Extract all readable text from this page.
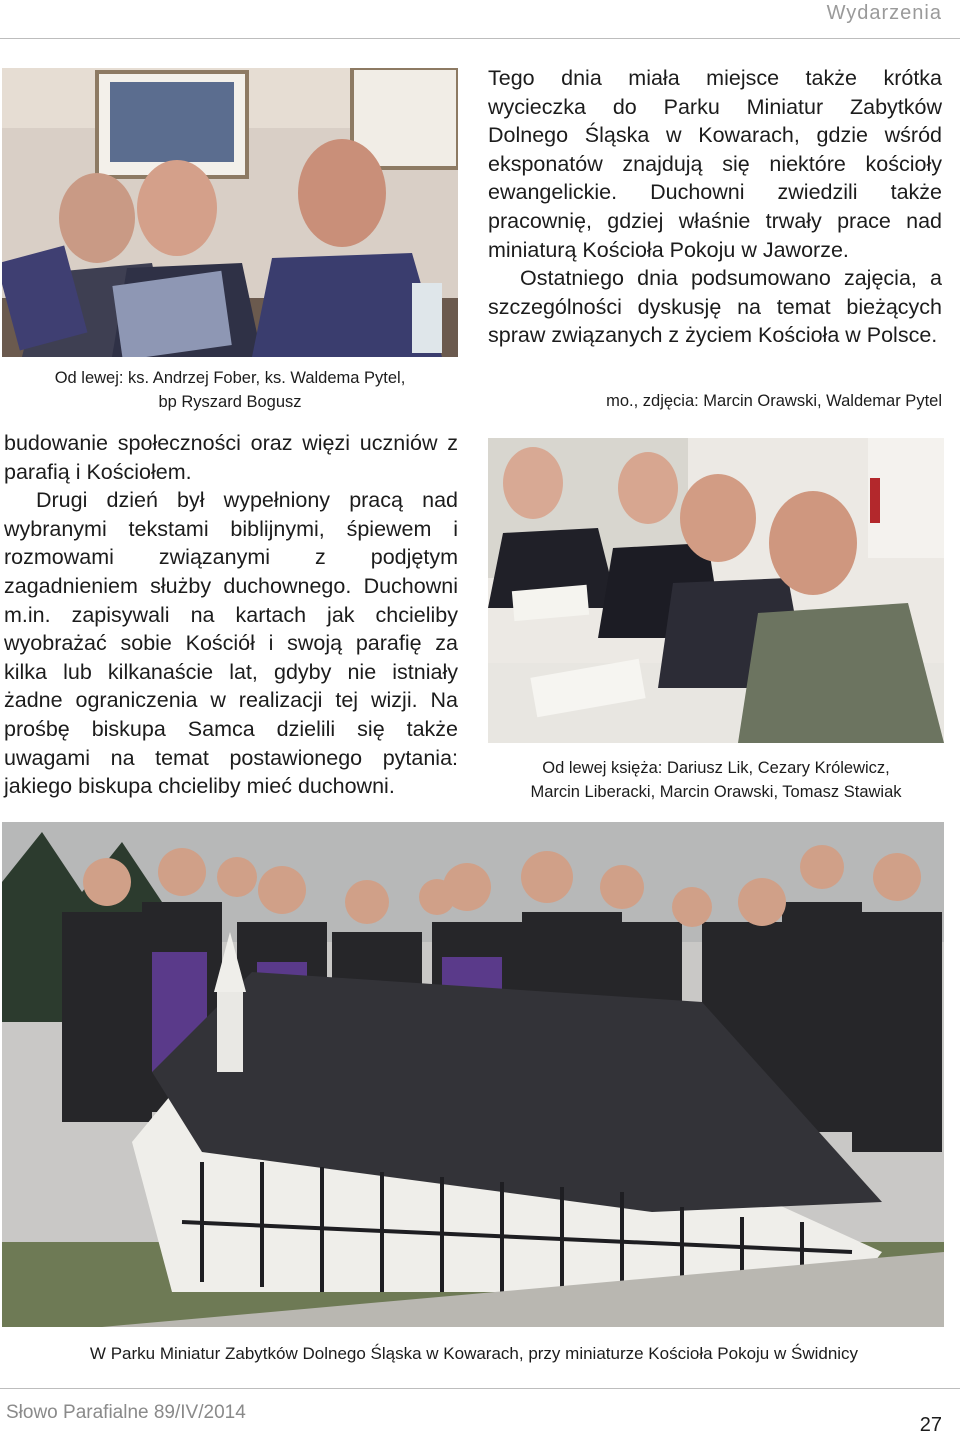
Wydarzenia
Od lewej: ks. Andrzej Fober, ks. Waldema Pytel,
bp Ryszard Bogusz

Tego dnia miała miejsce także krótka wycieczka do Parku Miniatur Zabytków Dolnego Śląska w Kowarach, gdzie wśród eksponatów znajdują się niektóre kościoły ewangelickie. Duchowni zwiedzili także pracownię, gdziej właśnie trwały prace nad miniaturą Kościoła Pokoju w Jaworze.

Ostatniego dnia podsumowano zajęcia, a szczególności dyskusję na temat bieżących spraw związanych z życiem Kościoła w Polsce.

mo., zdjęcia: Marcin Orawski, Waldemar Pytel

budowanie społeczności oraz więzi uczniów z parafią i Kościołem.

Drugi dzień był wypełniony pracą nad wybranymi tekstami biblijnymi, śpiewem i rozmowami związanymi z podjętym zagadnieniem służby duchownego. Duchowni m.in. zapisywali na kartach jak chcieliby wyobrażać sobie Kościół i swoją parafię za kilka lub kilkanaście lat, gdyby nie istniały żadne ograniczenia w realizacji tej wizji. Na prośbę biskupa Samca dzielili się także uwagami na temat postawionego pytania: jakiego biskupa chcieliby mieć duchowni.

Od lewej księża: Dariusz Lik, Cezary Królewicz,
Marcin Liberacki, Marcin Orawski, Tomasz Stawiak
W Parku Miniatur Zabytków Dolnego Śląska w Kowarach, przy miniaturze Kościoła Pokoju w Świdnicy
Słowo Parafialne 89/IV/2014
27
